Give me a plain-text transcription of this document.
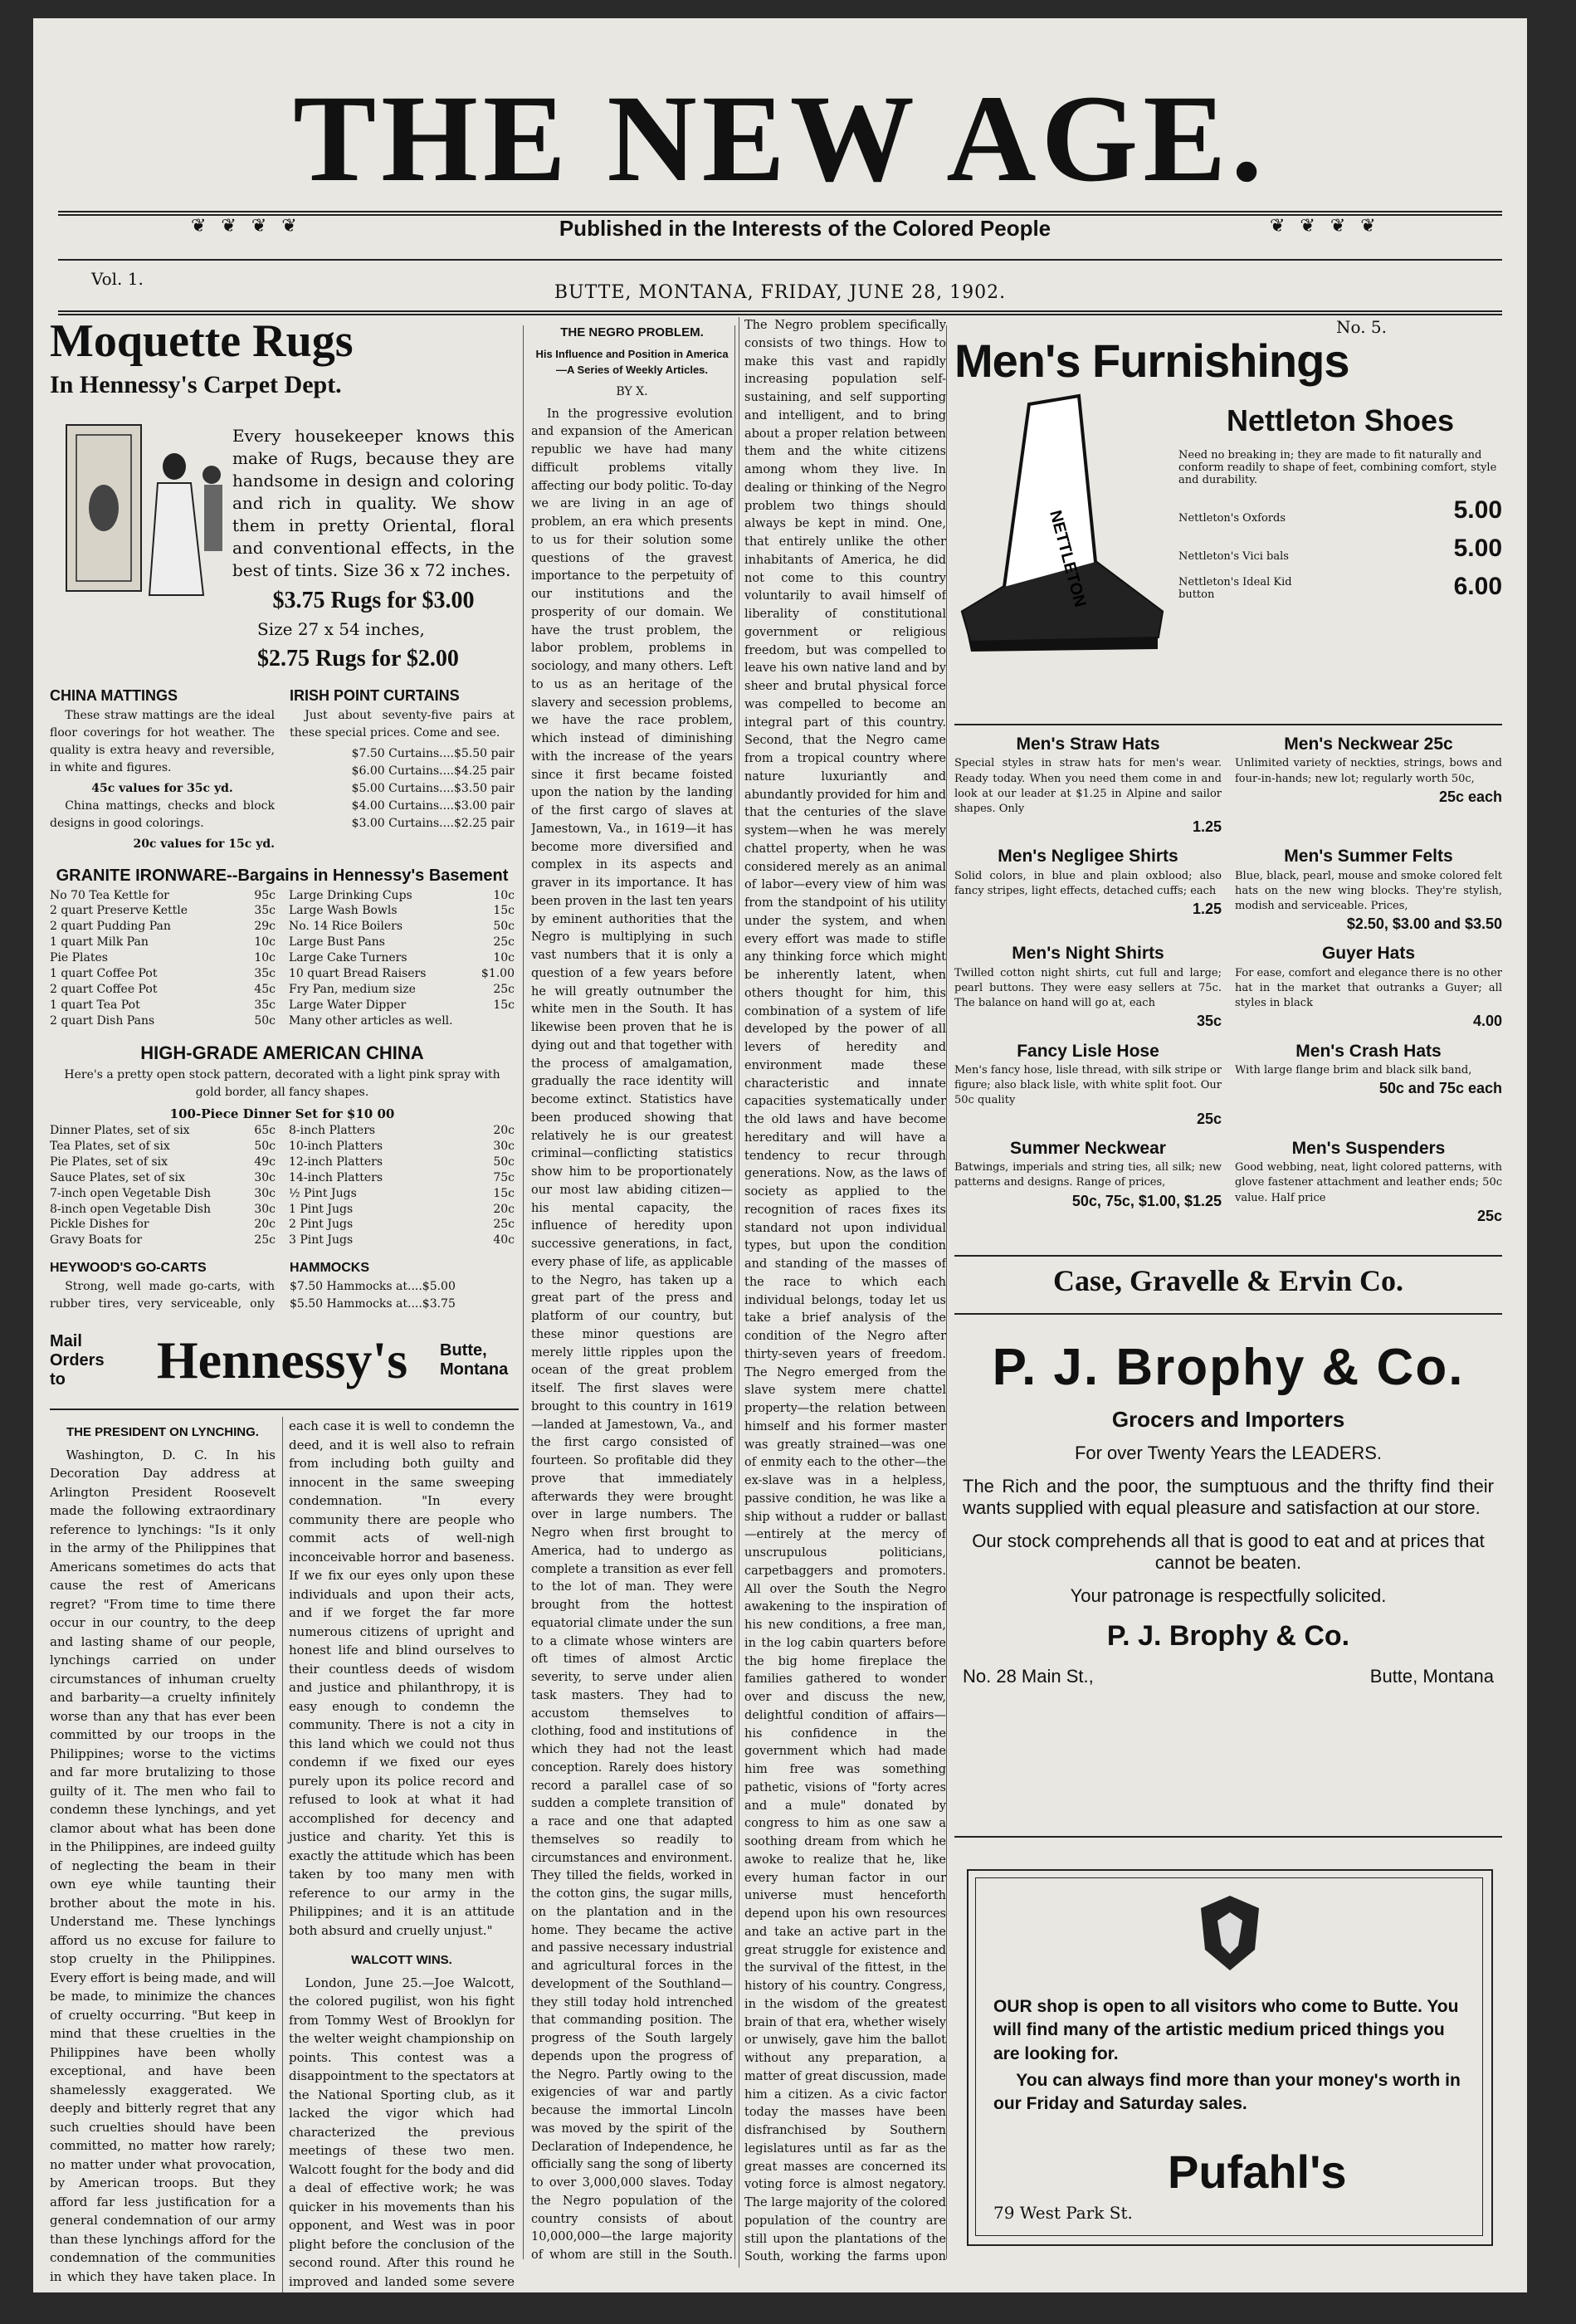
THE NEW AGE.
❦❦❦❦	❦❦❦❦
Published in the Interests of the Colored People
Vol. 1.
BUTTE, MONTANA, FRIDAY, JUNE 28, 1902.
No. 5.
Moquette Rugs
In Hennessy's Carpet Dept.

Every housekeeper knows this make of Rugs, because they are handsome in design and coloring and rich in quality. We show them in pretty Oriental, floral and conventional effects, in the best of tints. Size 36 x 72 inches.

$3.75 Rugs for $3.00
Size 27 x 54 inches,
$2.75 Rugs for $2.00
CHINA MATTINGS

These straw mattings are the ideal floor coverings for hot weather. The quality is extra heavy and reversible, in white and figures.

45c values for 35c yd.

China mattings, checks and block designs in good colorings.

20c values for 15c yd.
IRISH POINT CURTAINS

Just about seventy-five pairs at these special prices. Come and see.

$7.50 Curtains....$5.50 pair
$6.00 Curtains....$4.25 pair
$5.00 Curtains....$3.50 pair
$4.00 Curtains....$3.00 pair
$3.00 Curtains....$2.25 pair
GRANITE IRONWARE--Bargains in Hennessy's Basement
No 70 Tea Kettle for	95c
2 quart Preserve Kettle	35c
2 quart Pudding Pan	29c
1 quart Milk Pan	10c
Pie Plates	10c
1 quart Coffee Pot	35c
2 quart Coffee Pot	45c
1 quart Tea Pot	35c
2 quart Dish Pans	50c
Large Drinking Cups	10c
Large Wash Bowls	15c
No. 14 Rice Boilers	50c
Large Bust Pans	25c
Large Cake Turners	10c
10 quart Bread Raisers	$1.00
Fry Pan, medium size	25c
Large Water Dipper	15c
Many other articles as well.
HIGH-GRADE AMERICAN CHINA

Here's a pretty open stock pattern, decorated with a light pink spray with gold border, all fancy shapes.

100-Piece Dinner Set for $10 00
Dinner Plates, set of six	65c
Tea Plates, set of six	50c
Pie Plates, set of six	49c
Sauce Plates, set of six	30c
7-inch open Vegetable Dish	30c
8-inch open Vegetable Dish	30c
Pickle Dishes for	20c
Gravy Boats for	25c
8-inch Platters	20c
10-inch Platters	30c
12-inch Platters	50c
14-inch Platters	75c
½ Pint Jugs	15c
1 Pint Jugs	20c
2 Pint Jugs	25c
3 Pint Jugs	40c
HEYWOOD'S GO-CARTS

Strong, well made go-carts, with rubber tires, very serviceable, only

HAMMOCKS
$7.50 Hammocks at....$5.00
$5.50 Hammocks at....$3.75

Mail Orders to	Hennessy's Butte, Montana
THE PRESIDENT ON LYNCHING.

Washington, D. C. In his Decoration Day address at Arlington President Roosevelt made the following extraordinary reference to lynchings: "Is it only in the army of the Philippines that Americans sometimes do acts that cause the rest of Americans regret? "From time to time there occur in our country, to the deep and lasting shame of our people, lynchings carried on under circumstances of inhuman cruelty and barbarity—a cruelty infinitely worse than any that has ever been committed by our troops in the Philippines; worse to the victims and far more brutalizing to those guilty of it. The men who fail to condemn these lynchings, and yet clamor about what has been done in the Philippines, are indeed guilty of neglecting the beam in their own eye while taunting their brother about the mote in his. Understand me. These lynchings afford us no excuse for failure to stop cruelty in the Philippines. Every effort is being made, and will be made, to minimize the chances of cruelty occurring. "But keep in mind that these cruelties in the Philippines have been wholly exceptional, and have been shamelessly exaggerated. We deeply and bitterly regret that any such cruelties should have been committed, no matter how rarely; no matter under what provocation, by American troops. But they afford far less justification for a general condemnation of our army than these lynchings afford for the condemnation of the communities in which they have taken place. In each case it is well to condemn the deed, and it is well also to refrain from including both guilty and innocent in the same sweeping condemnation. "In every community there are people who commit acts of well-nigh inconceivable horror and baseness. If we fix our eyes only upon these individuals and upon their acts, and if we forget the far more numerous citizens of upright and honest life and blind ourselves to their countless deeds of wisdom and justice and philanthropy, it is easy enough to condemn the community. There is not a city in this land which we could not thus condemn if we fixed our eyes purely upon its police record and refused to look at what it had accomplished for decency and justice and charity. Yet this is exactly the attitude which has been taken by too many men with reference to our army in the Philippines; and it is an attitude both absurd and cruelly unjust."

WALCOTT WINS.

London, June 25.—Joe Walcott, the colored pugilist, won his fight from Tommy West of Brooklyn for the welter weight championship on points. This contest was a disappointment to the spectators at the National Sporting club, as it lacked the vigor which had characterized the previous meetings of these two men. Walcott fought for the body and did a deal of effective work; he was quicker in his movements than his opponent, and West was in poor plight before the conclusion of the second round. After this round he improved and landed some severe

THE NEGRO PROBLEM.
His Influence and Position in America—A Series of Weekly Articles.
BY X.

In the progressive evolution and expansion of the American republic we have had many difficult problems vitally affecting our body politic. To-day we are living in an age of problem, an era which presents to us for their solution some questions of the gravest importance to the perpetuity of our institutions and the prosperity of our domain. We have the trust problem, the labor problem, problems in sociology, and many others. Left to us as an heritage of the slavery and secession problems, we have the race problem, which instead of diminishing with the increase of the years since it first became foisted upon the nation by the landing of the first cargo of slaves at Jamestown, Va., in 1619—it has become more diversified and complex in its aspects and graver in its importance. It has been proven in the last ten years by eminent authorities that the Negro is multiplying in such vast numbers that it is only a question of a few years before he will greatly outnumber the white men in the South. It has likewise been proven that he is dying out and that together with the process of amalgamation, gradually the race identity will become extinct. Statistics have been produced showing that relatively he is our greatest criminal—conflicting statistics show him to be proportionately our most law abiding citizen—his mental capacity, the influence of heredity upon successive generations, in fact, every phase of life, as applicable to the Negro, has taken up a great part of the press and platform of our country, but these minor questions are merely little ripples upon the ocean of the great problem itself. The first slaves were brought to this country in 1619—landed at Jamestown, Va., and the first cargo consisted of fourteen. So profitable did they prove that immediately afterwards they were brought over in large numbers. The Negro when first brought to America, had to undergo as complete a transition as ever fell to the lot of man. They were brought from the hottest equatorial climate under the sun to a climate whose winters are oft times of almost Arctic severity, to serve under alien task masters. They had to accustom themselves to clothing, food and institutions of which they had not the least conception. Rarely does history record a parallel case of so sudden a complete transition of a race and one that adapted themselves so readily to circumstances and environment. They tilled the fields, worked in the cotton gins, the sugar mills, on the plantation and in the home. They became the active and passive necessary industrial and agricultural forces in the development of the Southland—they still today hold intrenched that commanding position. The progress of the South largely depends upon the progress of the Negro. Partly owing to the exigencies of war and partly because the immortal Lincoln was moved by the spirit of the Declaration of Independence, he officially sang the song of liberty to over 3,000,000 slaves. Today the Negro population of the country consists of about 10,000,000—the large majority of whom are still in the South. The Negro problem specifically consists of two things. How to make this vast and rapidly increasing population self-sustaining, and self supporting and intelligent, and to bring about a proper relation between them and the white citizens among whom they live. In dealing or thinking of the Negro problem two things should always be kept in mind. One, that entirely unlike the other inhabitants of America, he did not come to this country voluntarily to avail himself of liberality of constitutional government or religious freedom, but was compelled to leave his own native land and by sheer and brutal physical force was compelled to become an integral part of this country. Second, that the Negro came from a tropical country where nature luxuriantly and abundantly provided for him and that the centuries of the slave system—when he was merely chattel property, when he was considered merely as an animal of labor—every view of him was from the standpoint of his utility under the system, and when every effort was made to stifle any thinking force which might be inherently latent, when others thought for him, this combination of a system of life developed by the power of all levers of heredity and environment made these characteristic and innate capacities systematically under the old laws and have become hereditary and will have a tendency to recur through generations. Now, as the laws of society as applied to the recognition of races fixes its standard not upon individual types, but upon the condition and standing of the masses of the race to which each individual belongs, today let us take a brief analysis of the condition of the Negro after thirty-seven years of freedom. The Negro emerged from the slave system mere chattel property—the relation between himself and his former master was greatly strained—was one of enmity each to the other—the ex-slave was in a helpless, passive condition, he was like a ship without a rudder or ballast—entirely at the mercy of unscrupulous politicians, carpetbaggers and promoters. All over the South the Negro awakening to the inspiration of his new conditions, a free man, in the log cabin quarters before the big home fireplace the families gathered to wonder over and discuss the new, delightful condition of affairs—his confidence in the government which had made him free was something pathetic, visions of "forty acres and a mule" donated by congress to him as one saw a soothing dream from which he awoke to realize that he, like every human factor in our universe must henceforth depend upon his own resources and take an active part in the great struggle for existence and the survival of the fittest, in the history of his country. Congress, in the wisdom of the greatest brain of that era, whether wisely or unwisely, gave him the ballot without any preparation, a matter of great discussion, made him a citizen. As a civic factor today the masses have been disfranchised by Southern legislatures until as far as the great masses are concerned its voting force is almost negatory. The large majority of the colored population of the country are still upon the plantations of the South, working the farms upon

Men's Furnishings
NETTLETON
Nettleton Shoes

Need no breaking in; they are made to fit naturally and conform readily to shape of feet, combining comfort, style and durability.

Nettleton's Oxfords	5.00
Nettleton's Vici bals	5.00
Nettleton's Ideal Kid button	6.00
Men's Straw Hats
Special styles in straw hats for men's wear. Ready today. When you need them come in and look at our leader at $1.25 in Alpine and sailor shapes. Only
1.25
Men's Neckwear 25c
Unlimited variety of neckties, strings, bows and four-in-hands; new lot; regularly worth 50c,
25c each
Men's Negligee Shirts
Solid colors, in blue and plain oxblood; also fancy stripes, light effects, detached cuffs; each
1.25
Men's Summer Felts
Blue, black, pearl, mouse and smoke colored felt hats on the new wing blocks. They're stylish, modish and serviceable. Prices,
$2.50, $3.00 and $3.50
Men's Night Shirts
Twilled cotton night shirts, cut full and large; pearl buttons. They were easy sellers at 75c. The balance on hand will go at, each
35c
Guyer Hats
For ease, comfort and elegance there is no other hat in the market that outranks a Guyer; all styles in black
4.00
Fancy Lisle Hose
Men's fancy hose, lisle thread, with silk stripe or figure; also black lisle, with white split foot. Our 50c quality
25c
Men's Crash Hats
With large flange brim and black silk band,
50c and 75c each
Summer Neckwear
Batwings, imperials and string ties, all silk; new patterns and designs. Range of prices,
50c, 75c, $1.00, $1.25
Men's Suspenders
Good webbing, neat, light colored patterns, with glove fastener attachment and leather ends; 50c value. Half price
25c
Case, Gravelle & Ervin Co.
P. J. Brophy & Co.
Grocers and Importers
For over Twenty Years the LEADERS.
The Rich and the poor, the sumptuous and the thrifty find their wants supplied with equal pleasure and satisfaction at our store.
Our stock comprehends all that is good to eat and at prices that cannot be beaten.
Your patronage is respectfully solicited.
P. J. Brophy & Co.
No. 28 Main St.,	Butte, Montana

OUR shop is open to all visitors who come to Butte. You will find many of the artistic medium priced things you are looking for.

You can always find more than your money's worth in our Friday and Saturday sales.

Pufahl's
79 West Park St.
